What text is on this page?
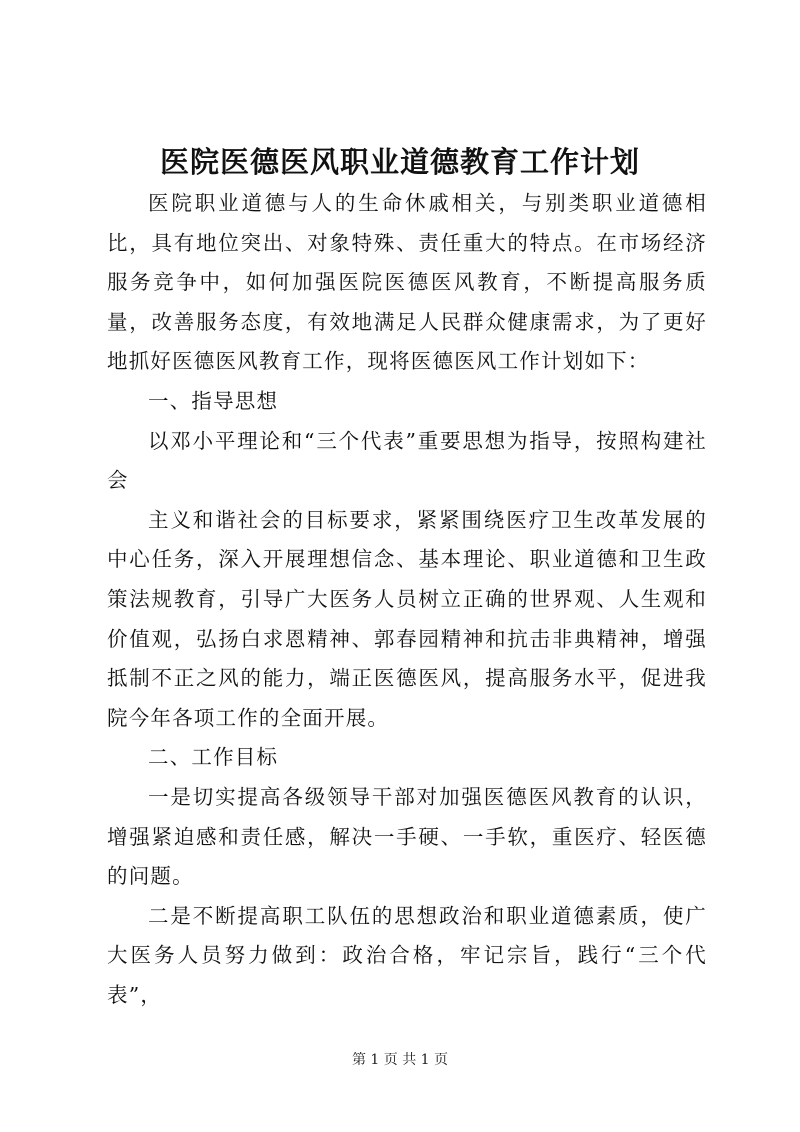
医院医德医风职业道德教育工作计划

医院职业道德与人的生命休戚相关，与别类职业道德相比，具有地位突出、对象特殊、责任重大的特点。在市场经济服务竞争中，如何加强医院医德医风教育，不断提高服务质量，改善服务态度，有效地满足人民群众健康需求，为了更好地抓好医德医风教育工作，现将医德医风工作计划如下：

一、指导思想

以邓小平理论和“三个代表”重要思想为指导，按照构建社会

主义和谐社会的目标要求，紧紧围绕医疗卫生改革发展的中心任务，深入开展理想信念、基本理论、职业道德和卫生政策法规教育，引导广大医务人员树立正确的世界观、人生观和价值观，弘扬白求恩精神、郭春园精神和抗击非典精神，增强抵制不正之风的能力，端正医德医风，提高服务水平，促进我院今年各项工作的全面开展。

二、工作目标

一是切实提高各级领导干部对加强医德医风教育的认识，增强紧迫感和责任感，解决一手硬、一手软，重医疗、轻医德的问题。

二是不断提高职工队伍的思想政治和职业道德素质，使广大医务人员努力做到：政治合格，牢记宗旨，践行“三个代表”，

第 1 页 共 1 页
